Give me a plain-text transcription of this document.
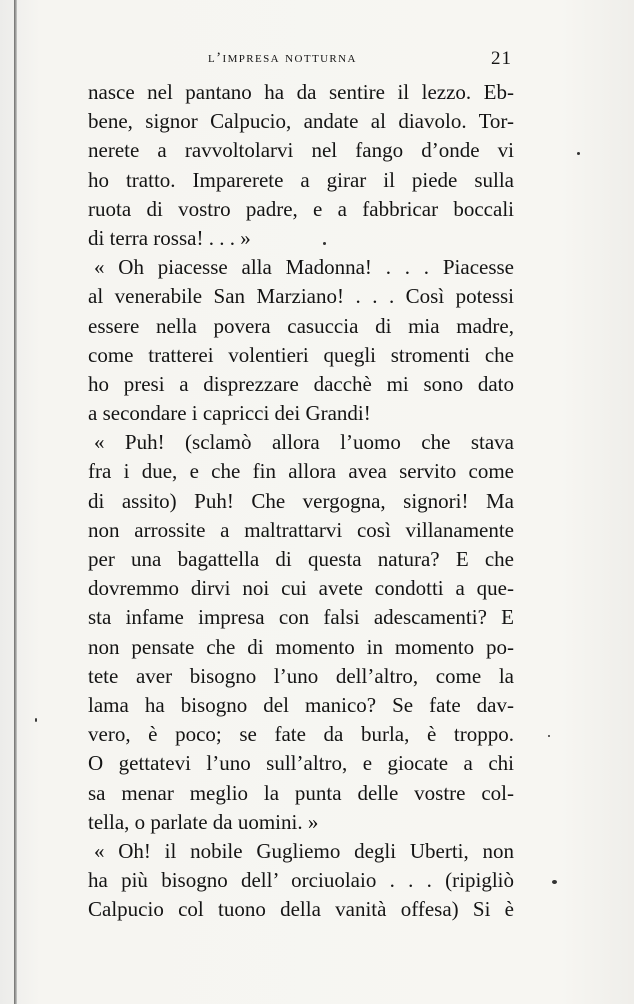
l’impresa notturna	21
nasce nel pantano ha da sentire il lezzo. Eb-
bene, signor Calpucio, andate al diavolo. Tor-
nerete a ravvoltolarvi nel fango d’onde vi
ho tratto. Imparerete a girar il piede sulla
ruota di vostro padre, e a fabbricar boccali
di terra rossa! . . . »
« Oh piacesse alla Madonna! . . . Piacesse
al venerabile San Marziano! . . . Così potessi
essere nella povera casuccia di mia madre,
come tratterei volentieri quegli stromenti che
ho presi a disprezzare dacchè mi sono dato
a secondare i capricci dei Grandi!
« Puh! (sclamò allora l’uomo che stava
fra i due, e che fin allora avea servito come
di assito) Puh! Che vergogna, signori! Ma
non arrossite a maltrattarvi così villanamente
per una bagattella di questa natura? E che
dovremmo dirvi noi cui avete condotti a que-
sta infame impresa con falsi adescamenti? E
non pensate che di momento in momento po-
tete aver bisogno l’uno dell’altro, come la
lama ha bisogno del manico? Se fate dav-
vero, è poco; se fate da burla, è troppo.
O gettatevi l’uno sull’altro, e giocate a chi
sa menar meglio la punta delle vostre col-
tella, o parlate da uomini. »
« Oh! il nobile Gugliemo degli Uberti, non
ha più bisogno dell’ orciuolaio . . . (ripigliò
Calpucio col tuono della vanità offesa) Si è
